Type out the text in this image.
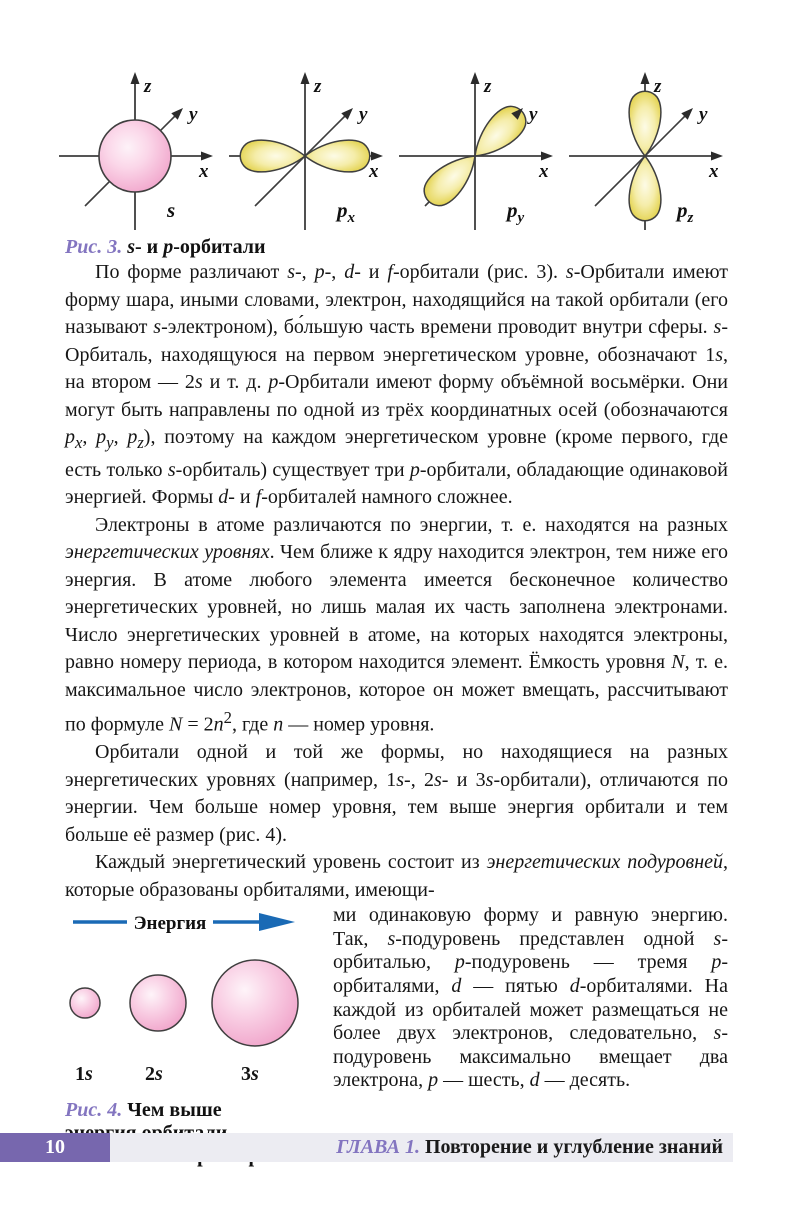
z
y
x
s
z
y
x
$p_x$
z
y
x
$p_y$
z
y
x
$p_z$
Рис. 3. s- и p-орбитали

По форме различают s-, p-, d- и f-орбитали (рис. 3). s-Орбитали имеют форму шара, иными словами, электрон, находящийся на такой орбитали (его называют s-электроном), бо́льшую часть времени проводит внутри сферы. s-Орбиталь, находящуюся на первом энергетическом уровне, обозначают 1s, на втором — 2s и т. д. p-Орбитали имеют форму объёмной восьмёрки. Они могут быть направлены по одной из трёх координатных осей (обозначаются $p_x$, $p_y$, $p_z$), поэтому на каждом энергетическом уровне (кроме первого, где есть только s-орбиталь) существует три p-орбитали, обладающие одинаковой энергией. Формы d- и f-орбиталей намного сложнее.

Электроны в атоме различаются по энергии, т. е. находятся на разных энергетических уровнях. Чем ближе к ядру находится электрон, тем ниже его энергия. В атоме любого элемента имеется бесконечное количество энергетических уровней, но лишь малая их часть заполнена электронами. Число энергетических уровней в атоме, на которых находятся электроны, равно номеру периода, в котором находится элемент. Ёмкость уровня N, т. е. максимальное число электронов, которое он может вмещать, рассчитывают по формуле $N = 2n^2$, где n — номер уровня.

Орбитали одной и той же формы, но находящиеся на разных энергетических уровнях (например, 1s-, 2s- и 3s-орбитали), отличаются по энергии. Чем больше номер уровня, тем выше энергия орбитали и тем больше её размер (рис. 4).

Каждый энергетический уровень состоит из энергетических подуровней, которые образованы орбиталями, имеющи-

Энергия
1s	2s	3s
Рис. 4. Чем выше

ми одинаковую форму и равную энергию. Так, s-подуровень представлен одной s-орбиталью, p-подуровень — тремя p-орбиталями, d — пятью d-орбиталями. На каждой из орбиталей может размещаться не более двух электронов, следовательно, s-подуровень максимально вмещает два электрона, p — шесть, d — десять.

10	ГЛАВА 1. Повторение и углубление знаний
